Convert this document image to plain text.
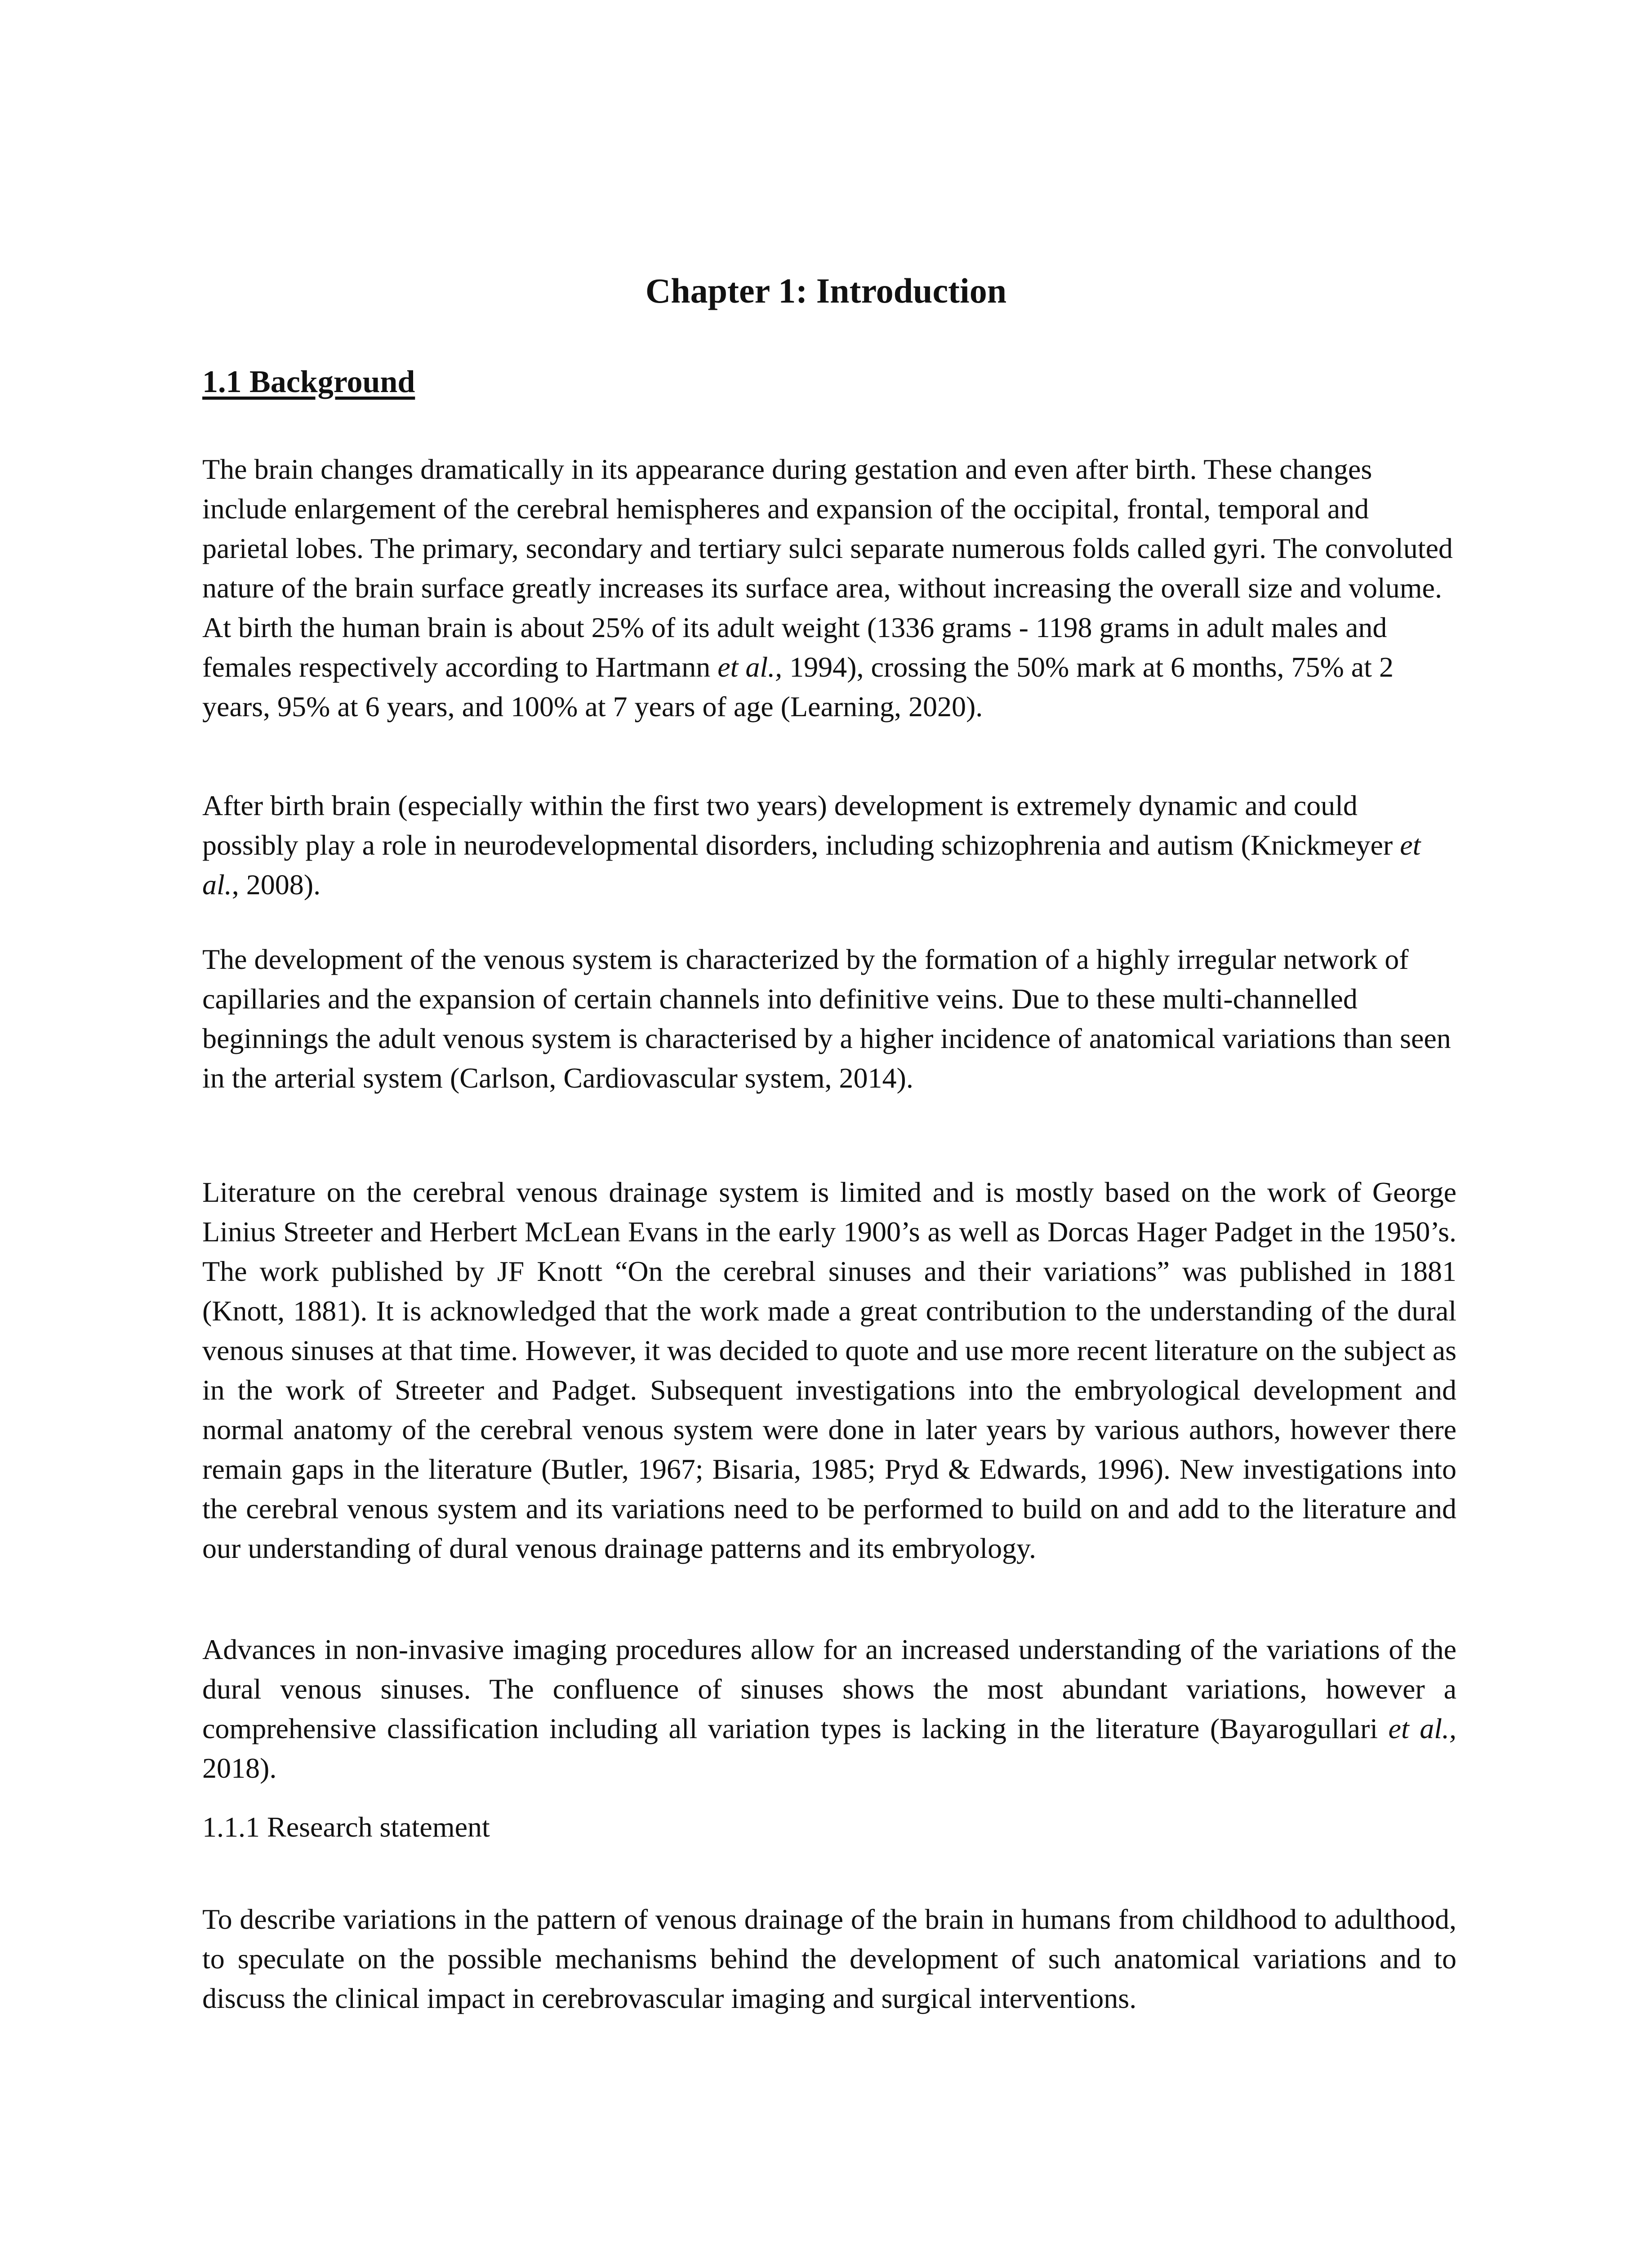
Chapter 1: Introduction
1.1 Background

The brain changes dramatically in its appearance during gestation and even after birth. These changes include enlargement of the cerebral hemispheres and expansion of the occipital, frontal, temporal and parietal lobes. The primary, secondary and tertiary sulci separate numerous folds called gyri. The convoluted nature of the brain surface greatly increases its surface area, without increasing the overall size and volume. At birth the human brain is about 25% of its adult weight (1336 grams - 1198 grams in adult males and females respectively according to Hartmann et al., 1994), crossing the 50% mark at 6 months, 75% at 2 years, 95% at 6 years, and 100% at 7 years of age (Learning, 2020).

After birth brain (especially within the first two years) development is extremely dynamic and could possibly play a role in neurodevelopmental disorders, including schizophrenia and autism (Knickmeyer et al., 2008).

The development of the venous system is characterized by the formation of a highly irregular network of capillaries and the expansion of certain channels into definitive veins. Due to these multi-channelled beginnings the adult venous system is characterised by a higher incidence of anatomical variations than seen in the arterial system (Carlson, Cardiovascular system, 2014).

Literature on the cerebral venous drainage system is limited and is mostly based on the work of George Linius Streeter and Herbert McLean Evans in the early 1900’s as well as Dorcas Hager Padget in the 1950’s. The work published by JF Knott “On the cerebral sinuses and their variations” was published in 1881 (Knott, 1881). It is acknowledged that the work made a great contribution to the understanding of the dural venous sinuses at that time. However, it was decided to quote and use more recent literature on the subject as in the work of Streeter and Padget. Subsequent investigations into the embryological development and normal anatomy of the cerebral venous system were done in later years by various authors, however there remain gaps in the literature (Butler, 1967; Bisaria, 1985; Pryd & Edwards, 1996). New investigations into the cerebral venous system and its variations need to be performed to build on and add to the literature and our understanding of dural venous drainage patterns and its embryology.

Advances in non-invasive imaging procedures allow for an increased understanding of the variations of the dural venous sinuses. The confluence of sinuses shows the most abundant variations, however a comprehensive classification including all variation types is lacking in the literature (Bayarogullari et al., 2018).

1.1.1 Research statement

To describe variations in the pattern of venous drainage of the brain in humans from childhood to adulthood, to speculate on the possible mechanisms behind the development of such anatomical variations and to discuss the clinical impact in cerebrovascular imaging and surgical interventions.
